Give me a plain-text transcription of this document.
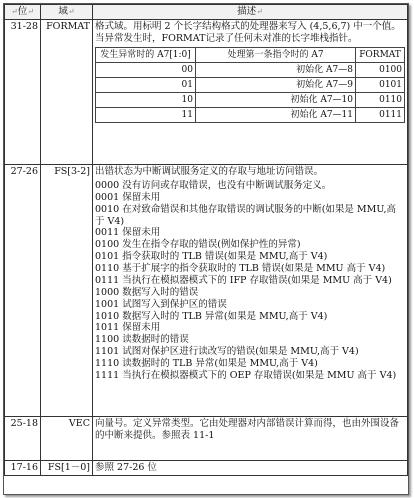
↵位↵	域↵	描述↵
31-28	FORMAT	格式域。用标明 2 个长字结构格式的处理器来写入 (4,5,6,7) 中一个值。当异常发生时，FORMAT记录了任何未对准的长字堆栈指针。

发生异常时的 A7[1:0]	处理第一条指令时的 A7	FORMAT
00	初始化 A7—8	0100
01	初始化 A7—9	0101
10	初始化 A7—10	0110
11	初始化 A7—11	0111

27-26	FS[3-2]	出错状态为中断调试服务定义的存取与地址访问错误。

0000 没有访问或存取错误，也没有中断调试服务定义。

0001 保留未用

0010 在对致命错误和其他存取错误的调试服务的中断(如果是 MMU,高于 V4)

0011 保留未用

0100 发生在指令存取的错误(例如保护性的异常)

0101 指令获取时的 TLB 错误(如果是 MMU,高于 V4)

0110 基于扩展字的指令获取时的 TLB 错误(如果是 MMU 高于 V4)

0111 当执行在模拟器模式下的 IFP 存取错误(如果是 MMU 高于 V4)

1000 数据写入时的错误

1001 试图写入到保护区的错误

1010 数据写入时的 TLB 异常(如果是 MMU,高于 V4)

1011 保留未用

1100 读数据时的错误

1101 试图对保护区进行读改写的错误(如果是 MMU,高于 V4)

1110 读数据时的 TLB 异常(如果是 MMU,高于 V4)

1111 当执行在模拟器模式下的 OEP 存取错误(如果是 MMU 高于 V4)

25-18	VEC	向量号。定义异常类型。它由处理器对内部错误计算而得，也由外围设备的中断来提供。参照表 11-1

17-16	FS[1－0]	参照 27-26 位
